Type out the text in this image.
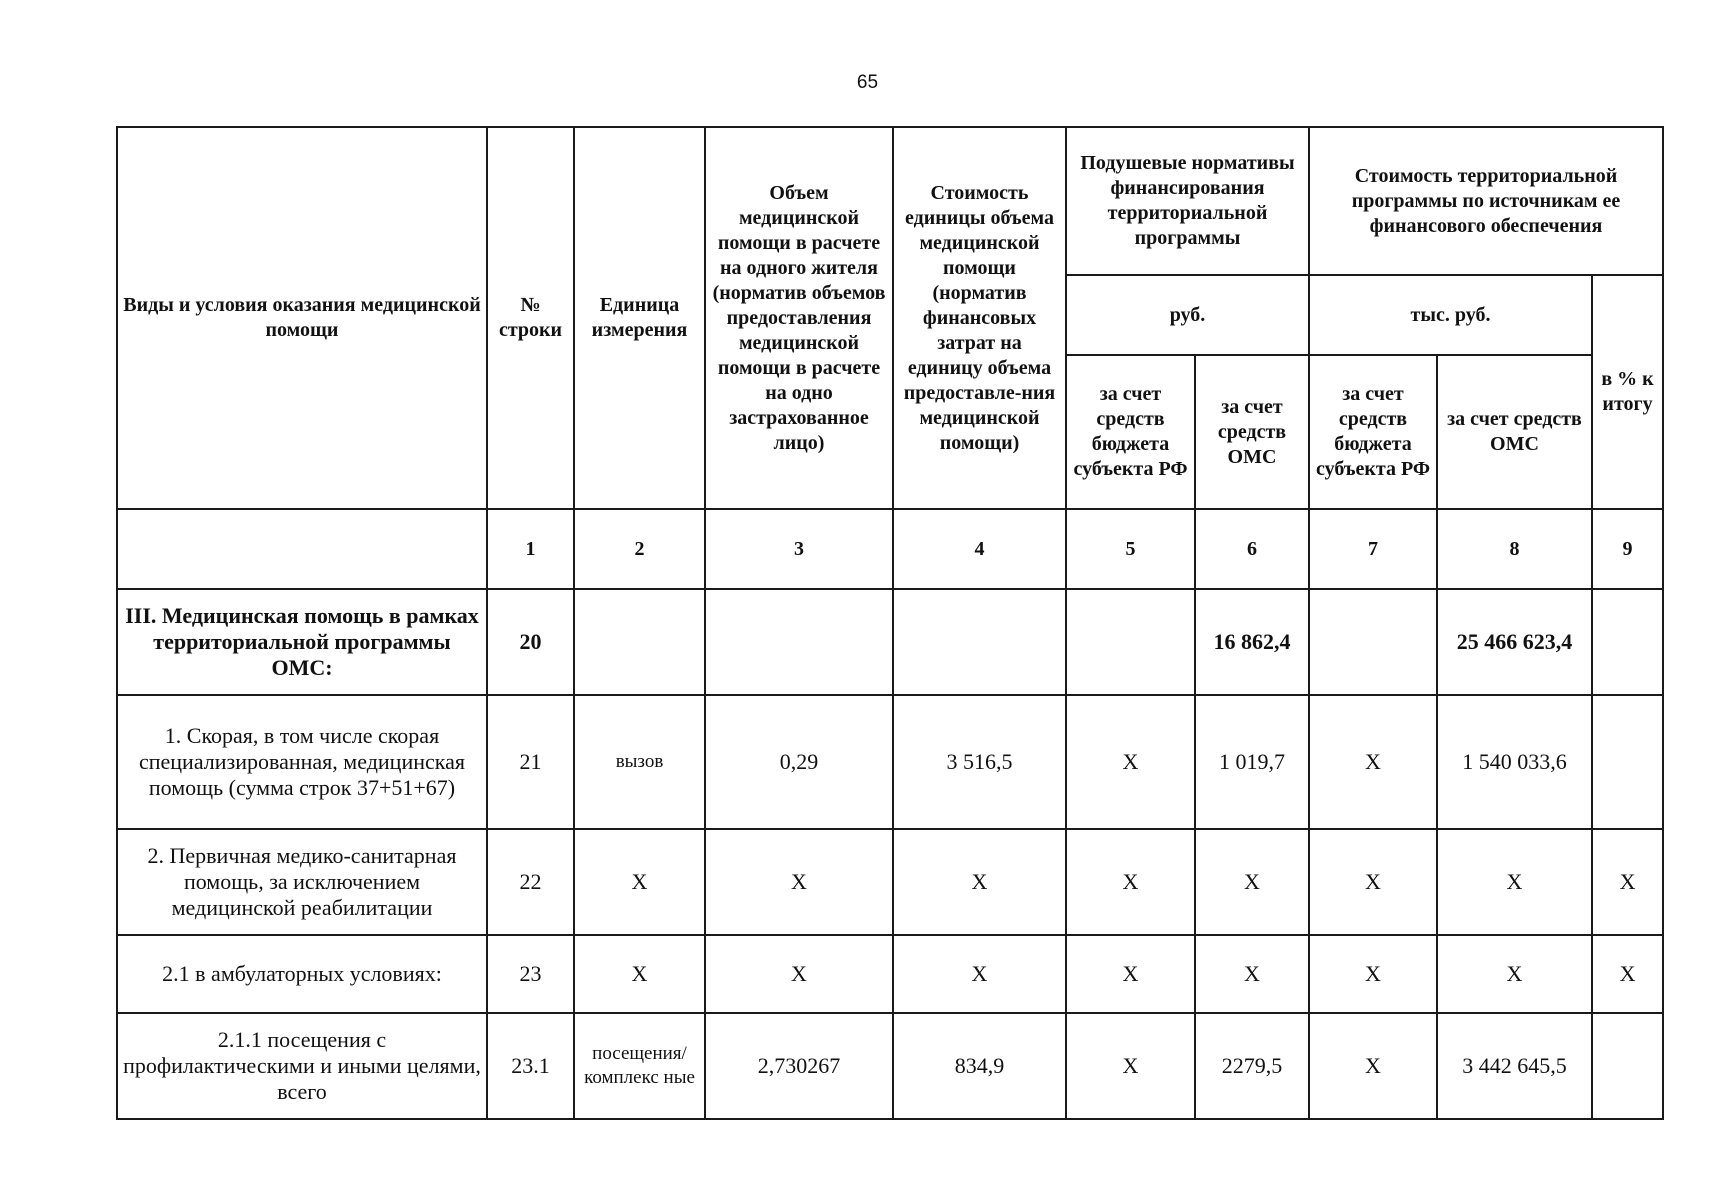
65
Виды и условия оказания медицинской помощи	№ строки	Единица измерения	Объем медицинской помощи в расчете на одного жителя (норматив объемов предоставления медицинской помощи в расчете на одно застрахованное лицо)	Стоимость единицы объема медицинской помощи (норматив финансовых затрат на единицу объема предоставле-ния медицинской помощи)	Подушевые нормативы финансирования территориальной программы		Стоимость территориальной программы по источникам ее финансового обеспечения		
					руб.		тыс. руб.		в % к итогу
					за счет средств бюджета субъекта РФ	за счет средств ОМС	за счет средств бюджета субъекта РФ	за счет средств ОМС	
	1	2	3	4	5	6	7	8	9
III. Медицинская помощь в рамках территориальной программы ОМС:	20					16 862,4		25 466 623,4	
1. Скорая, в том числе скорая специализированная, медицинская помощь (сумма строк 37+51+67)	21	вызов	0,29	3 516,5	X	1 019,7	X	1 540 033,6	
2. Первичная медико-санитарная помощь, за исключением медицинской реабилитации	22	X	X	X	X	X	X	X	X
2.1 в амбулаторных условиях:	23	X	X	X	X	X	X	X	X
2.1.1 посещения с профилактическими и иными целями, всего	23.1	посещения/ комплекс ные	2,730267	834,9	X	2279,5	X	3 442 645,5	
